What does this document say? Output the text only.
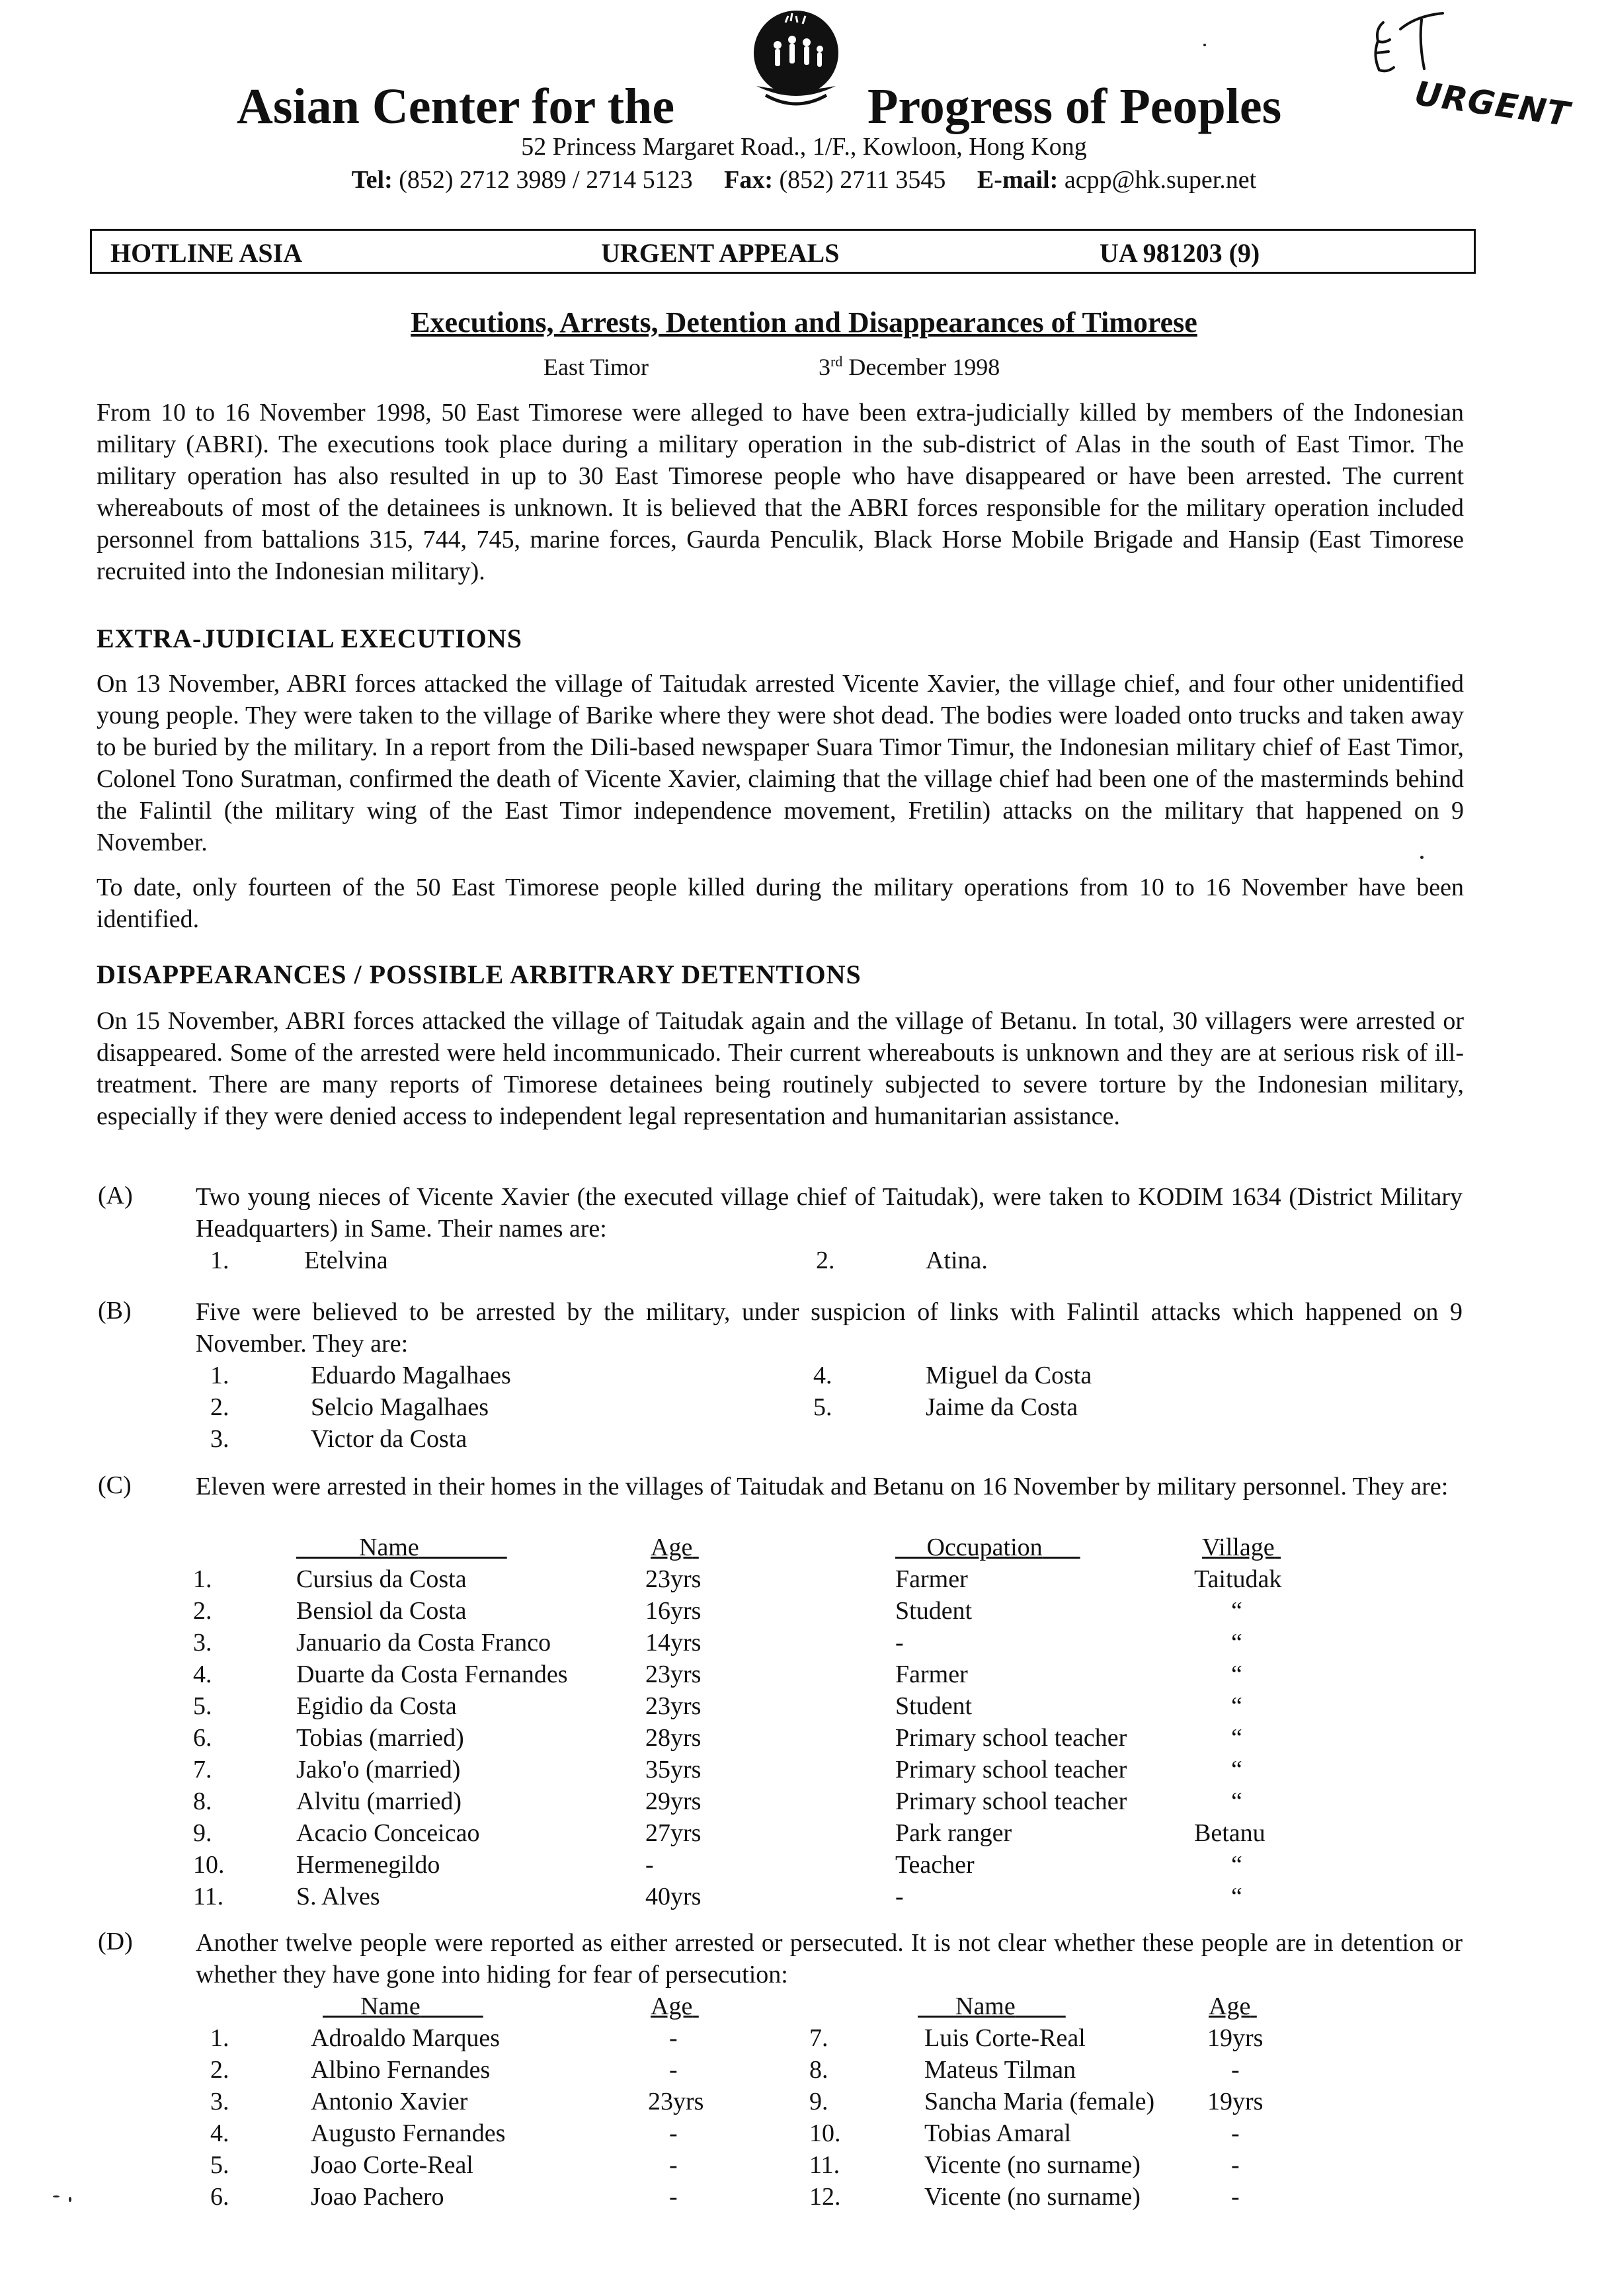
Asian Center for the	Progress of Peoples
52 Princess Margaret Road., 1/F., Kowloon, Hong Kong
Tel: (852) 2712 3989 / 2714 5123 Fax: (852) 2711 3545 E-mail: acpp@hk.super.net
URGENT
HOTLINE ASIA	URGENT APPEALS	UA 981203 (9)
Executions, Arrests, Detention and Disappearances of Timorese
East Timor	3rd December 1998
From 10 to 16 November 1998, 50 East Timorese were alleged to have been extra-judicially killed by members of the Indonesian military (ABRI). The executions took place during a military operation in the sub-district of Alas in the south of East Timor. The military operation has also resulted in up to 30 East Timorese people who have disappeared or have been arrested. The current whereabouts of most of the detainees is unknown. It is believed that the ABRI forces responsible for the military operation included personnel from battalions 315, 744, 745, marine forces, Gaurda Penculik, Black Horse Mobile Brigade and Hansip (East Timorese recruited into the Indonesian military).
EXTRA-JUDICIAL EXECUTIONS
On 13 November, ABRI forces attacked the village of Taitudak arrested Vicente Xavier, the village chief, and four other unidentified young people. They were taken to the village of Barike where they were shot dead. The bodies were loaded onto trucks and taken away to be buried by the military. In a report from the Dili-based newspaper Suara Timor Timur, the Indonesian military chief of East Timor, Colonel Tono Suratman, confirmed the death of Vicente Xavier, claiming that the village chief had been one of the masterminds behind the Falintil (the military wing of the East Timor independence movement, Fretilin) attacks on the military that happened on 9 November.
To date, only fourteen of the 50 East Timorese people killed during the military operations from 10 to 16 November have been identified.
DISAPPEARANCES / POSSIBLE ARBITRARY DETENTIONS
On 15 November, ABRI forces attacked the village of Taitudak again and the village of Betanu. In total, 30 villagers were arrested or disappeared. Some of the arrested were held incommunicado. Their current whereabouts is unknown and they are at serious risk of ill-treatment. There are many reports of Timorese detainees being routinely subjected to severe torture by the Indonesian military, especially if they were denied access to independent legal representation and humanitarian assistance.
(A)	Two young nieces of Vicente Xavier (the executed village chief of Taitudak), were taken to KODIM 1634 (District Military Headquarters) in Same. Their names are:
1.	Etelvina	2.	Atina.
(B)	Five were believed to be arrested by the military, under suspicion of links with Falintil attacks which happened on 9 November. They are:
1.	Eduardo Magalhaes	4.	Miguel da Costa
2.	Selcio Magalhaes	5.	Jaime da Costa
3.	Victor da Costa
(C)	Eleven were arrested in their homes in the villages of Taitudak and Betanu on 16 November by military personnel. They are:
Name	Age	Occupation	Village
1.	Cursius da Costa	23yrs	Farmer	Taitudak
2.	Bensiol da Costa	16yrs	Student	“
3.	Januario da Costa Franco	14yrs	-	“
4.	Duarte da Costa Fernandes	23yrs	Farmer	“
5.	Egidio da Costa	23yrs	Student	“
6.	Tobias (married)	28yrs	Primary school teacher	“
7.	Jako'o (married)	35yrs	Primary school teacher	“
8.	Alvitu (married)	29yrs	Primary school teacher	“
9.	Acacio Conceicao	27yrs	Park ranger	Betanu
10.	Hermenegildo	-	Teacher	“
11.	S. Alves	40yrs	-	“
(D)	Another twelve people were reported as either arrested or persecuted. It is not clear whether these people are in detention or whether they have gone into hiding for fear of persecution:
Name	Age	Name	Age
1.	Adroaldo Marques	-	7.	Luis Corte-Real	19yrs
2.	Albino Fernandes	-	8.	Mateus Tilman	-
3.	Antonio Xavier	23yrs	9.	Sancha Maria (female) 19yrs
4.	Augusto Fernandes	-	10.	Tobias Amaral	-
5.	Joao Corte-Real	-	11.	Vicente (no surname)	-
6.	Joao Pachero	-	12.	Vicente (no surname)	-
